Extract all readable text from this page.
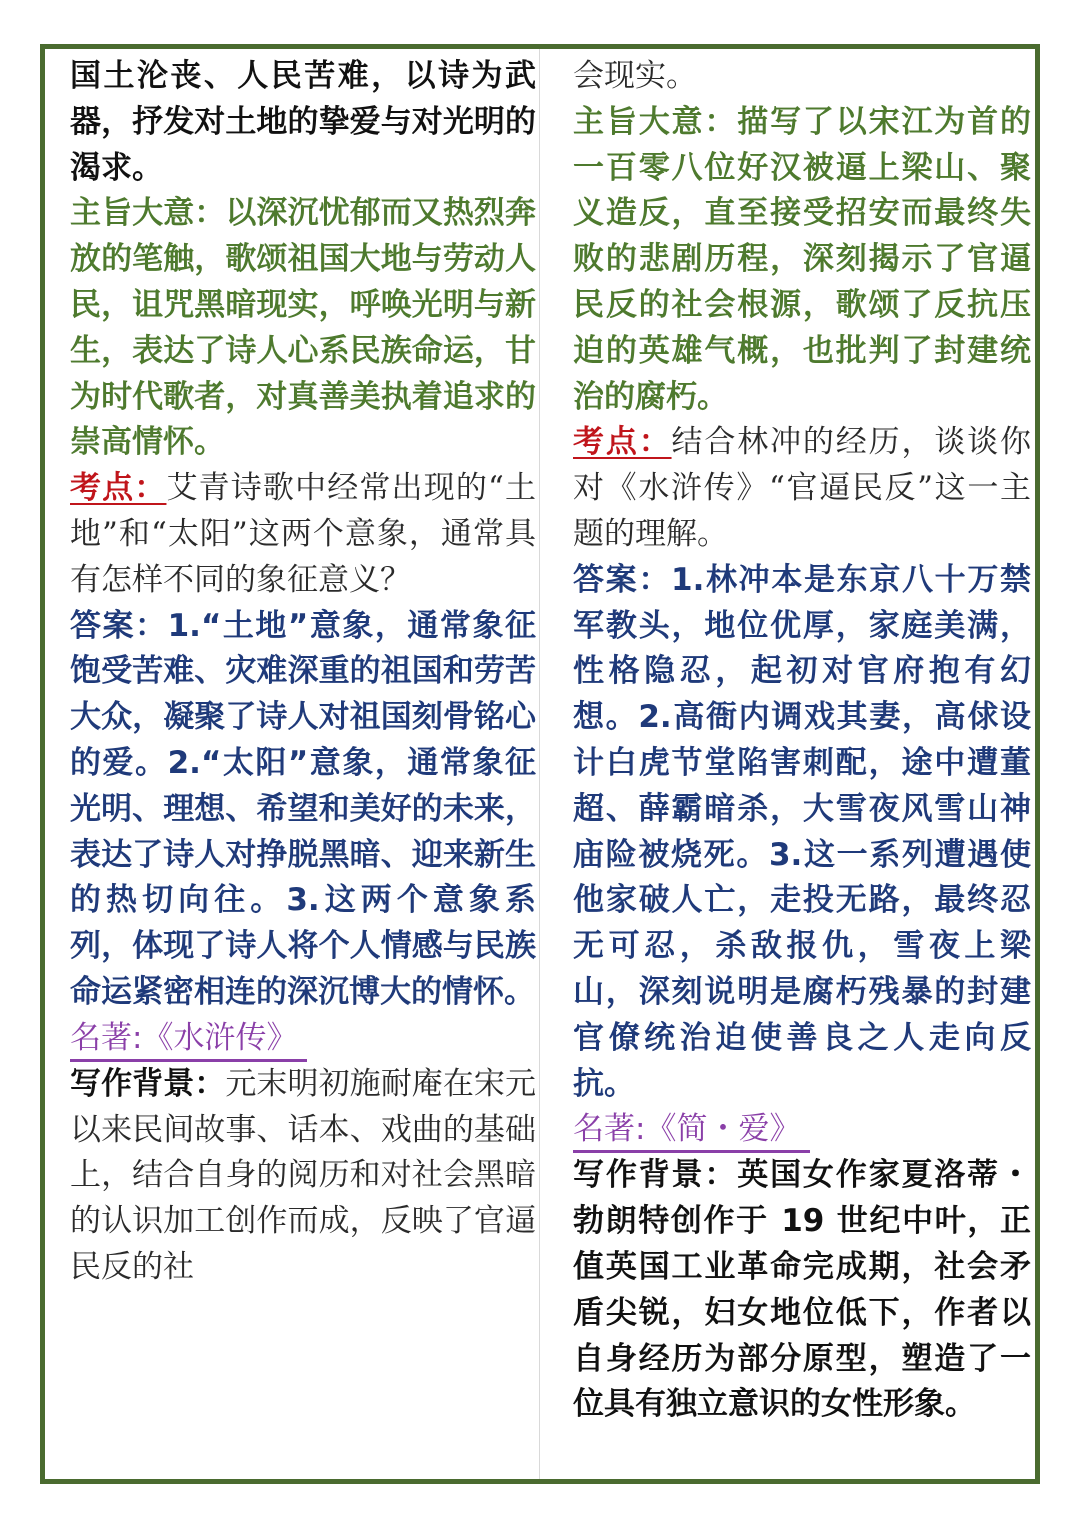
国土沦丧、人民苦难，以诗为武器，抒发对土地的挚爱与对光明的渴求。

主旨大意：以深沉忧郁而又热烈奔放的笔触，歌颂祖国大地与劳动人民，诅咒黑暗现实，呼唤光明与新生，表达了诗人心系民族命运，甘为时代歌者，对真善美执着追求的崇高情怀。

考点：艾青诗歌中经常出现的“土地”和“太阳”这两个意象，通常具有怎样不同的象征意义？

答案：1.“土地”意象，通常象征饱受苦难、灾难深重的祖国和劳苦大众，凝聚了诗人对祖国刻骨铭心的爱。2.“太阳”意象，通常象征光明、理想、希望和美好的未来，表达了诗人对挣脱黑暗、迎来新生的热切向往。3.这两个意象系列，体现了诗人将个人情感与民族命运紧密相连的深沉博大的情怀。

名著:《水浒传》

写作背景：元末明初施耐庵在宋元以来民间故事、话本、戏曲的基础上，结合自身的阅历和对社会黑暗的认识加工创作而成，反映了官逼民反的社

会现实。

主旨大意：描写了以宋江为首的一百零八位好汉被逼上梁山、聚义造反，直至接受招安而最终失败的悲剧历程，深刻揭示了官逼民反的社会根源，歌颂了反抗压迫的英雄气概，也批判了封建统治的腐朽。

考点：结合林冲的经历，谈谈你对《水浒传》“官逼民反”这一主题的理解。

答案：1.林冲本是东京八十万禁军教头，地位优厚，家庭美满，性格隐忍，起初对官府抱有幻想。2.高衙内调戏其妻，高俅设计白虎节堂陷害刺配，途中遭董超、薛霸暗杀，大雪夜风雪山神庙险被烧死。3.这一系列遭遇使他家破人亡，走投无路，最终忍无可忍，杀敌报仇，雪夜上梁山，深刻说明是腐朽残暴的封建官僚统治迫使善良之人走向反抗。

名著:《简・爱》

写作背景：英国女作家夏洛蒂・勃朗特创作于 19 世纪中叶，正值英国工业革命完成期，社会矛盾尖锐，妇女地位低下，作者以自身经历为部分原型，塑造了一位具有独立意识的女性形象。
